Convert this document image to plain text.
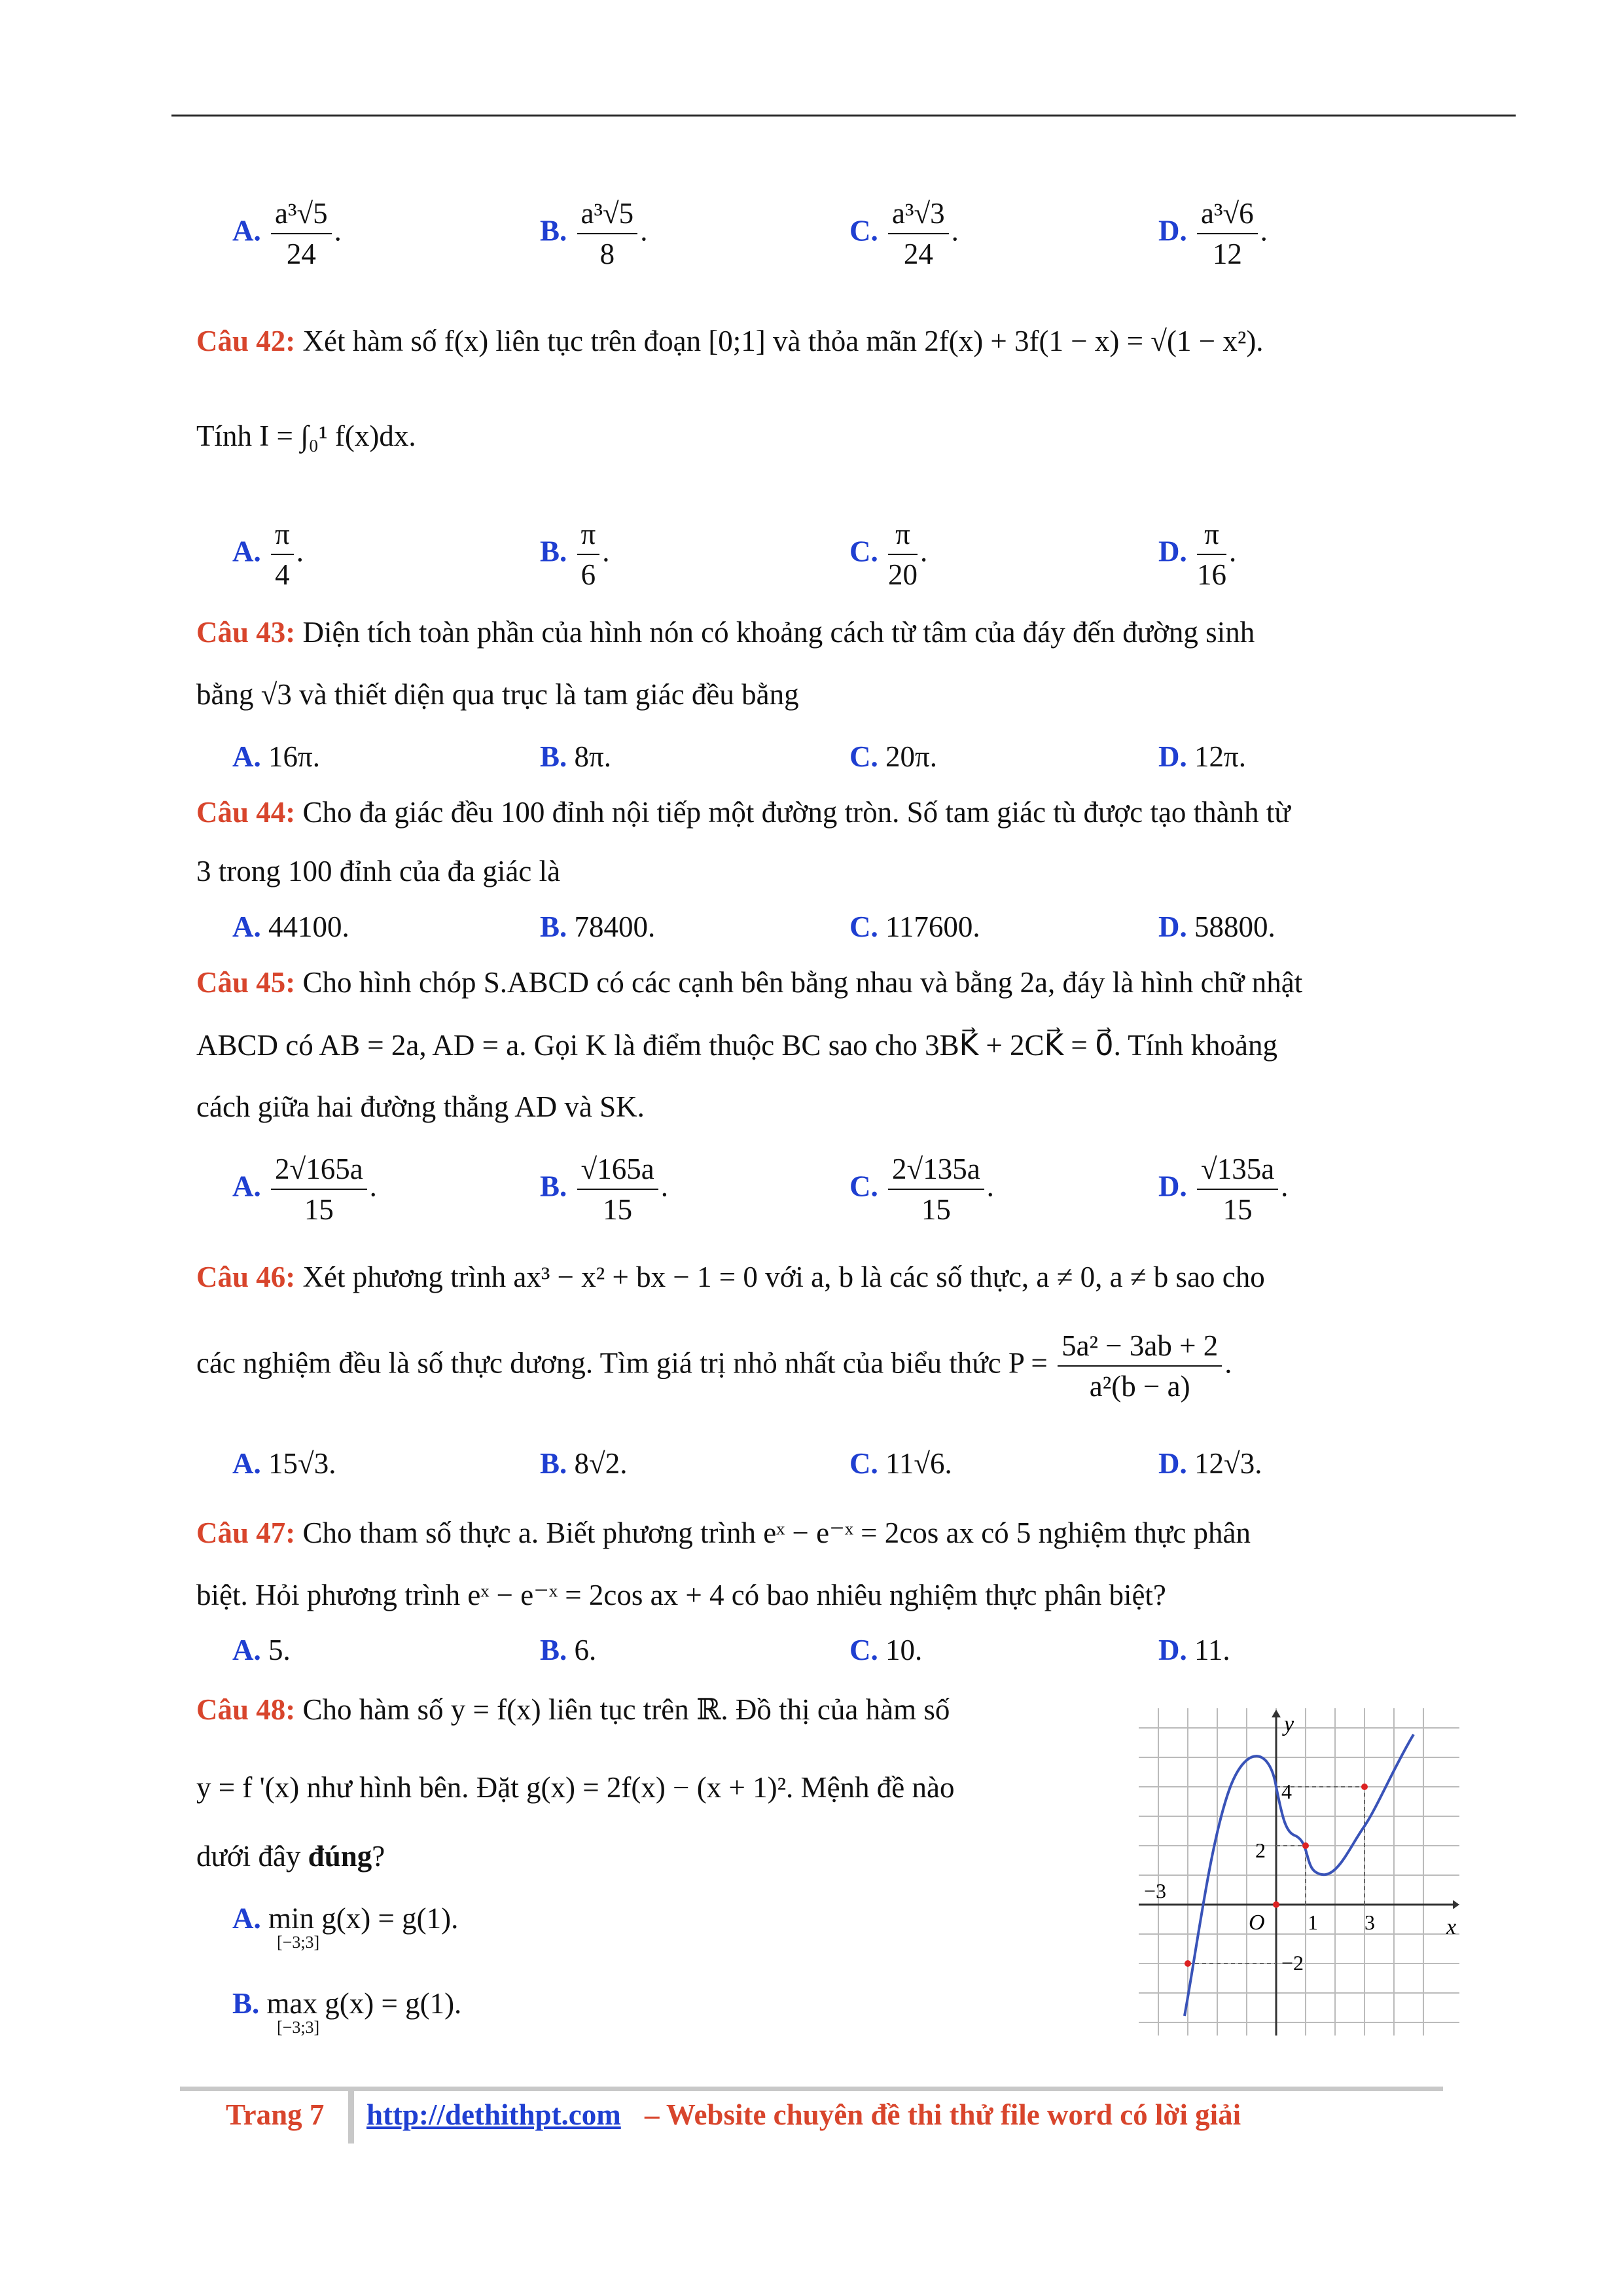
A. $\frac{\text{a³√5}}{24}$ .	B. $\frac{\text{a³√5}}{8}$ .	C. $\frac{\text{a³√3}}{24}$ .	D. $\frac{\text{a³√6}}{12}$ .
Câu 42: Xét hàm số f(x) liên tục trên đoạn [0;1] và thỏa mãn 2f(x) + 3f(1 − x) = √(1 − x²).
Tính I = ∫₀¹ f(x)dx.
A. $\frac{\pi}{4}$ .	B. $\frac{\pi}{6}$ .	C. $\frac{\pi}{20}$ .	D. $\frac{\pi}{16}$ .
Câu 43: Diện tích toàn phần của hình nón có khoảng cách từ tâm của đáy đến đường sinh
bằng √3 và thiết diện qua trục là tam giác đều bằng
A. 16π.	B. 8π.	C. 20π.	D. 12π.
Câu 44: Cho đa giác đều 100 đỉnh nội tiếp một đường tròn. Số tam giác tù được tạo thành từ
3 trong 100 đỉnh của đa giác là
A. 44100.	B. 78400.	C. 117600.	D. 58800.
Câu 45: Cho hình chóp S.ABCD có các cạnh bên bằng nhau và bằng 2a, đáy là hình chữ nhật
ABCD có AB = 2a, AD = a. Gọi K là điểm thuộc BC sao cho 3BK⃗ + 2CK⃗ = 0⃗. Tính khoảng
cách giữa hai đường thẳng AD và SK.
A. $\frac{2√165a}{15}$ .	B. $\frac{√165a}{15}$ .	C. $\frac{2√135a}{15}$ .	D. $\frac{√135a}{15}$ .
Câu 46: Xét phương trình ax³ − x² + bx − 1 = 0 với a, b là các số thực, a ≠ 0, a ≠ b sao cho
các nghiệm đều là số thực dương. Tìm giá trị nhỏ nhất của biểu thức $P = \frac{\text{5a² − 3ab + 2}}{\text{a²(b − a)}}$ .
A. 15√3.	B. 8√2.	C. 11√6.	D. 12√3.
Câu 47: Cho tham số thực a. Biết phương trình eˣ − e⁻ˣ = 2cos ax có 5 nghiệm thực phân
biệt. Hỏi phương trình eˣ − e⁻ˣ = 2cos ax + 4 có bao nhiêu nghiệm thực phân biệt?
A. 5.	B. 6.	C. 10.	D. 11.
Câu 48: Cho hàm số y = f(x) liên tục trên ℝ. Đồ thị của hàm số
y = f '(x) như hình bên. Đặt g(x) = 2f(x) − (x + 1)². Mệnh đề nào
dưới đây đúng?
A. min g(x) = g(1).
[−3;3]
B. max g(x) = g(1).
[−3;3]
y
x
O
4
2
−3
1 3
−2
Trang 7 http://dethithpt.com – Website chuyên đề thi thử file word có lời giải
